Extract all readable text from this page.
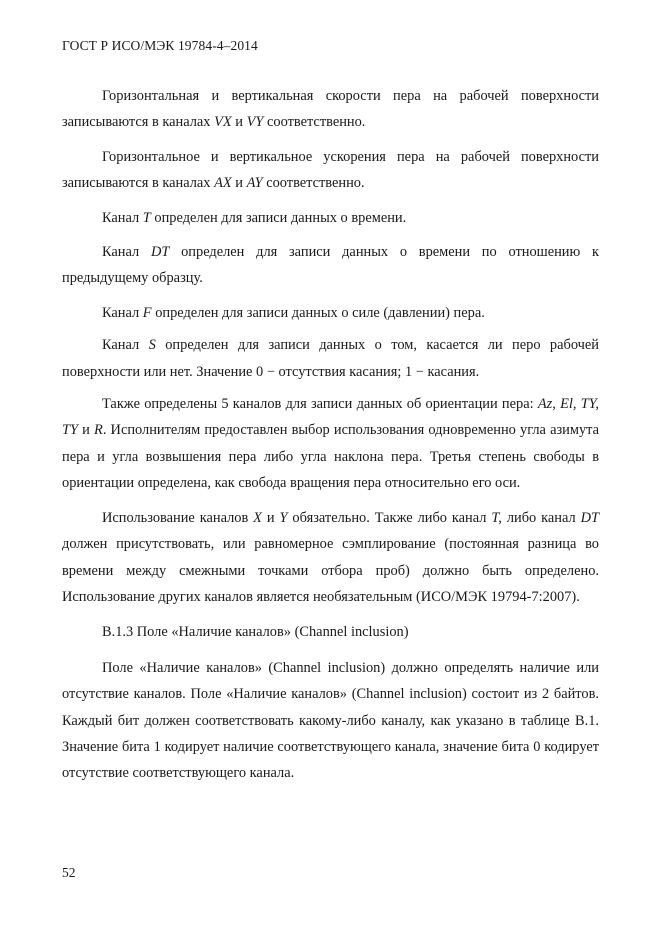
ГОСТ Р ИСО/МЭК 19784-4–2014

Горизонтальная и вертикальная скорости пера на рабочей поверхности записываются в каналах VX и VY соответственно.

Горизонтальное и вертикальное ускорения пера на рабочей поверхности записываются в каналах AX и AY соответственно.

Канал T определен для записи данных о времени.

Канал DT определен для записи данных о времени по отношению к предыдущему образцу.

Канал F определен для записи данных о силе (давлении) пера.

Канал S определен для записи данных о том, касается ли перо рабочей поверхности или нет. Значение 0 − отсутствия касания; 1 − касания.

Также определены 5 каналов для записи данных об ориентации пера: Az, El, TY, TY и R. Исполнителям предоставлен выбор использования одновременно угла азимута пера и угла возвышения пера либо угла наклона пера. Третья степень свободы в ориентации определена, как свобода вращения пера относительно его оси.

Использование каналов X и Y обязательно. Также либо канал T, либо канал DT должен присутствовать, или равномерное сэмплирование (постоянная разница во времени между смежными точками отбора проб) должно быть определено. Использование других каналов является необязательным (ИСО/МЭК 19794-7:2007).

B.1.3 Поле «Наличие каналов» (Channel inclusion)

Поле «Наличие каналов» (Channel inclusion) должно определять наличие или отсутствие каналов. Поле «Наличие каналов» (Channel inclusion) состоит из 2 байтов. Каждый бит должен соответствовать какому-либо каналу, как указано в таблице B.1. Значение бита 1 кодирует наличие соответствующего канала, значение бита 0 кодирует отсутствие соответствующего канала.

52
